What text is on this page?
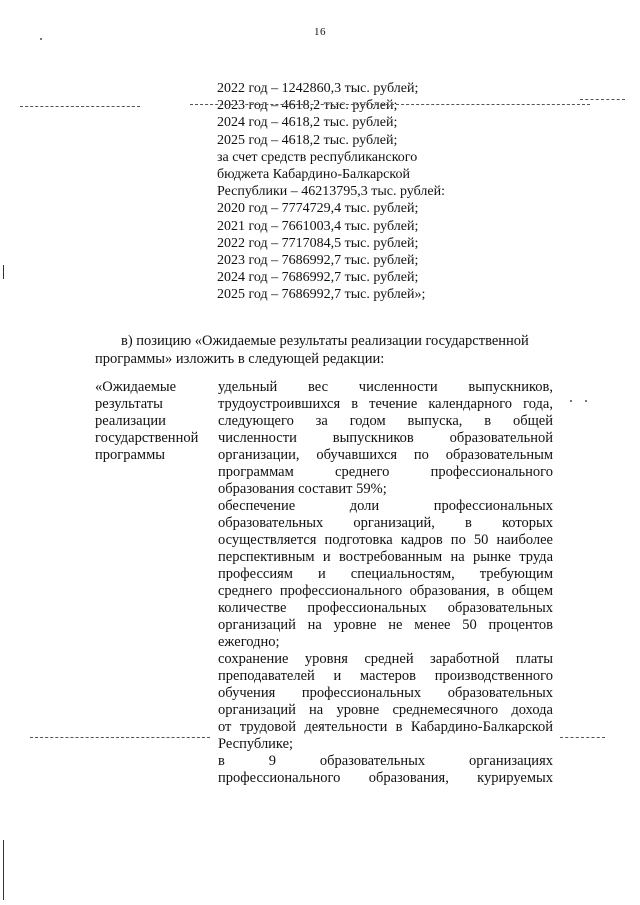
16
2022 год – 1242860,3 тыс. рублей;
2023 год – 4618,2 тыс. рублей;
2024 год – 4618,2 тыс. рублей;
2025 год – 4618,2 тыс. рублей;
за счет средств республиканского
бюджета Кабардино-Балкарской
Республики – 46213795,3 тыс. рублей:
2020 год – 7774729,4 тыс. рублей;
2021 год – 7661003,4 тыс. рублей;
2022 год – 7717084,5 тыс. рублей;
2023 год – 7686992,7 тыс. рублей;
2024 год – 7686992,7 тыс. рублей;
2025 год – 7686992,7 тыс. рублей»;
в) позицию «Ожидаемые результаты реализации государственной
программы» изложить в следующей редакции:
«Ожидаемые
результаты
реализации
государственной
программы

удельный вес численности выпускников,

трудоустроившихся в течение календарного года,

следующего за годом выпуска, в общей

численности выпускников образовательной

организации, обучавшихся по образовательным

программам среднего профессионального

образования составит 59%;

обеспечение доли профессиональных

образовательных организаций, в которых

осуществляется подготовка кадров по 50 наиболее

перспективным и востребованным на рынке труда

профессиям и специальностям, требующим

среднего профессионального образования, в общем

количестве профессиональных образовательных

организаций на уровне не менее 50 процентов

ежегодно;

сохранение уровня средней заработной платы

преподавателей и мастеров производственного

обучения профессиональных образовательных

организаций на уровне среднемесячного дохода

от трудовой деятельности в Кабардино-Балкарской

Республике;

в 9 образовательных организациях

профессионального образования, курируемых
